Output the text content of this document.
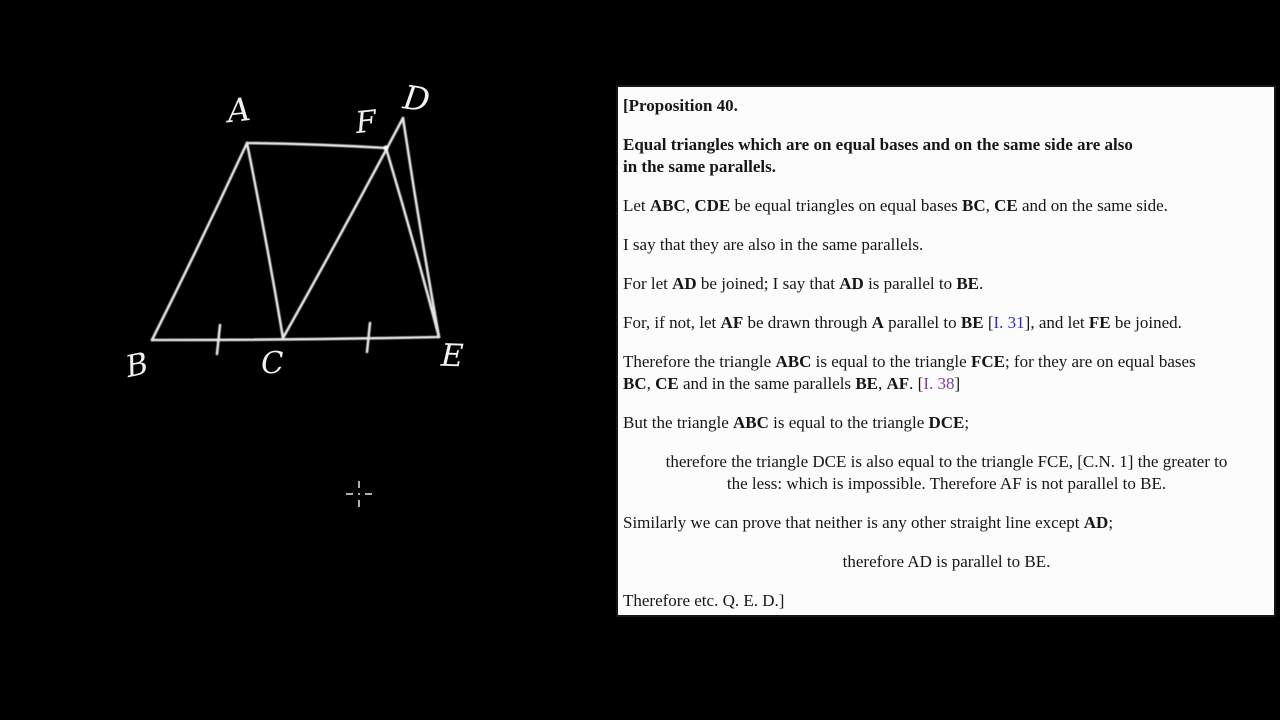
A
B	C
D
E
F	[Proposition 40.

Equal triangles which are on equal bases and on the same side are also
in the same parallels.

Let ABC, CDE be equal triangles on equal bases BC, CE and on the same side.

I say that they are also in the same parallels.

For let AD be joined; I say that AD is parallel to BE.

For, if not, let AF be drawn through A parallel to BE [I. 31], and let FE be joined.

Therefore the triangle ABC is equal to the triangle FCE; for they are on equal bases
BC, CE and in the same parallels BE, AF. [I. 38]

But the triangle ABC is equal to the triangle DCE;

therefore the triangle DCE is also equal to the triangle FCE, [C.N. 1] the greater to
the less: which is impossible. Therefore AF is not parallel to BE.

Similarly we can prove that neither is any other straight line except AD;

therefore AD is parallel to BE.

Therefore etc. Q. E. D.]
